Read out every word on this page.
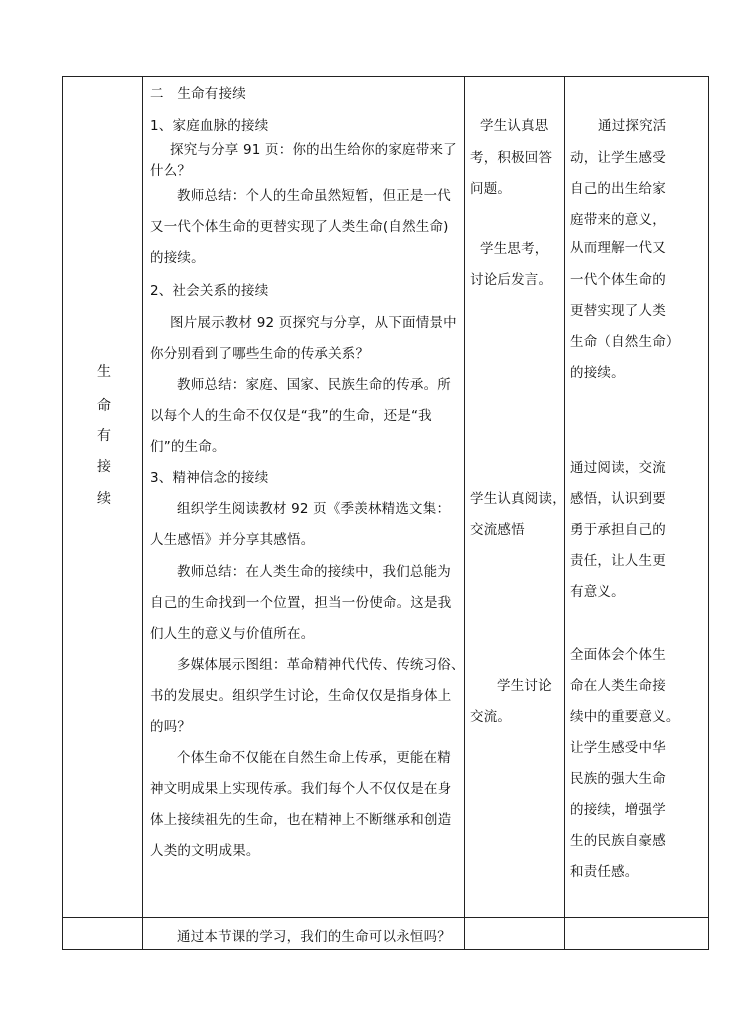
生
命
有
接
续
二　生命有接续
1、家庭血脉的接续
探究与分享 91 页：你的出生给你的家庭带来了
什么？
教师总结：个人的生命虽然短暂，但正是一代
又一代个体生命的更替实现了人类生命(自然生命)
的接续。
2、社会关系的接续
图片展示教材 92 页探究与分享，从下面情景中
你分别看到了哪些生命的传承关系？
教师总结：家庭、国家、民族生命的传承。所
以每个人的生命不仅仅是“我”的生命，还是“我
们”的生命。
3、精神信念的接续
组织学生阅读教材 92 页《季羡林精选文集：
人生感悟》并分享其感悟。
教师总结：在人类生命的接续中，我们总能为
自己的生命找到一个位置，担当一份使命。这是我
们人生的意义与价值所在。
多媒体展示图组：革命精神代代传、传统习俗、
书的发展史。组织学生讨论，生命仅仅是指身体上
的吗？
个体生命不仅能在自然生命上传承，更能在精
神文明成果上实现传承。我们每个人不仅仅是在身
体上接续祖先的生命，也在精神上不断继承和创造
人类的文明成果。
学生认真思
考，积极回答
问题。
学生思考，
讨论后发言。
学生认真阅读，
交流感悟
学生讨论
交流。
通过探究活
动，让学生感受
自己的出生给家
庭带来的意义，
从而理解一代又
一代个体生命的
更替实现了人类
生命（自然生命）
的接续。
通过阅读，交流
感悟，认识到要
勇于承担自己的
责任，让人生更
有意义。
全面体会个体生
命在人类生命接
续中的重要意义。
让学生感受中华
民族的强大生命
的接续，增强学
生的民族自豪感
和责任感。
通过本节课的学习，我们的生命可以永恒吗？
